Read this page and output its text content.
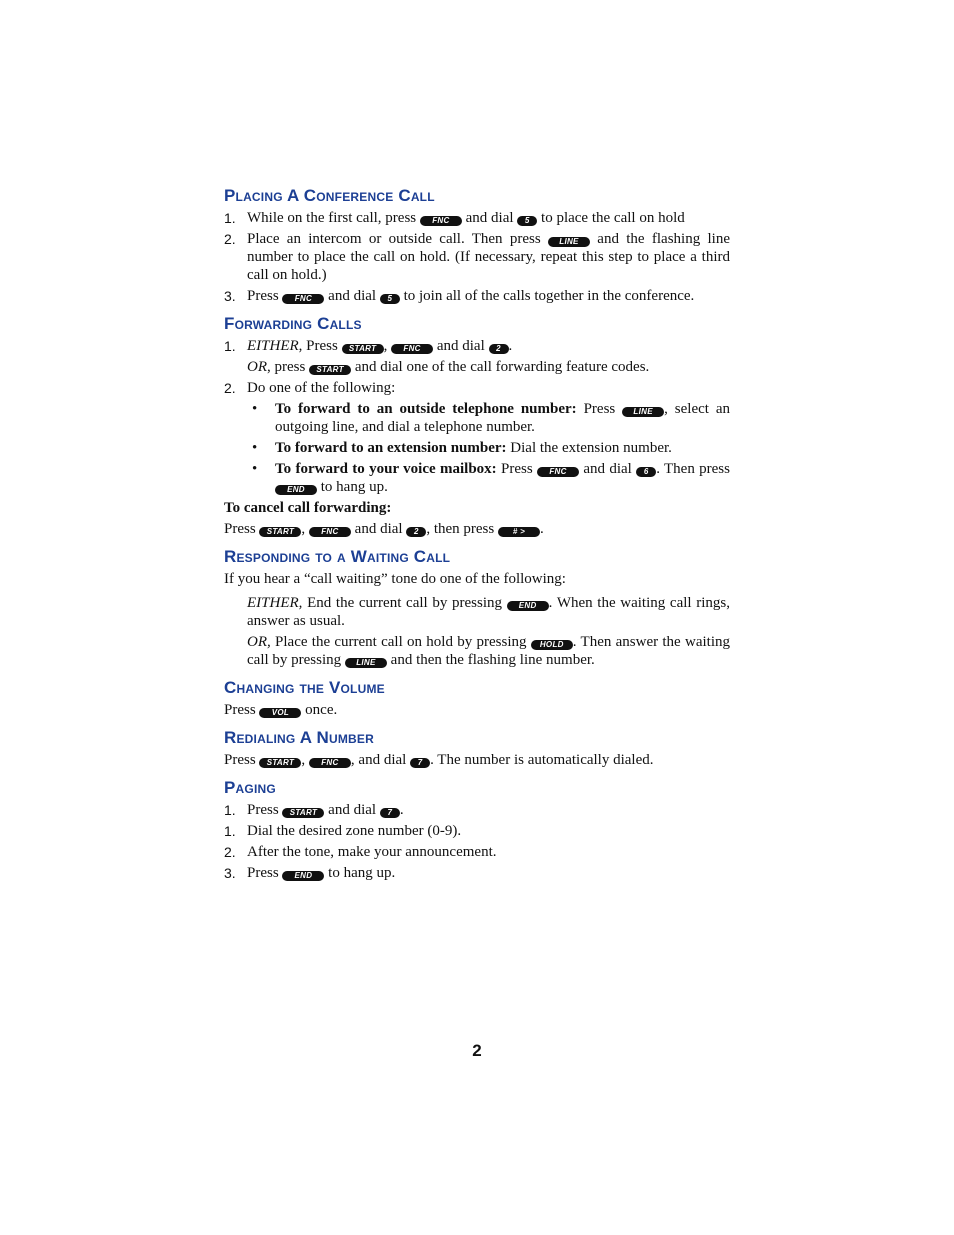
Placing A Conference Call
1. While on the first call, press FNC and dial 5 to place the call on hold
2. Place an intercom or outside call. Then press LINE and the flashing line number to place the call on hold. (If necessary, repeat this step to place a third call on hold.)
3. Press FNC and dial 5 to join all of the calls together in the conference.
Forwarding Calls
1. EITHER, Press START , FNC and dial 2 .
OR, press START and dial one of the call forwarding feature codes.
2. Do one of the following:
• To forward to an outside telephone number: Press LINE , select an outgoing line, and dial a telephone number.
• To forward to an extension number: Dial the extension number.
• To forward to your voice mailbox: Press FNC and dial 6 . Then press END to hang up.
To cancel call forwarding:
Press START , FNC and dial 2 , then press # > .
Responding to a Waiting Call
If you hear a “call waiting” tone do one of the following:
EITHER, End the current call by pressing END . When the waiting call rings, answer as usual.
OR, Place the current call on hold by pressing HOLD . Then answer the waiting call by pressing LINE and then the flashing line number.
Changing the Volume
Press VOL once.
Redialing A Number
Press START , FNC , and dial 7 . The number is automatically dialed.
Paging
1. Press START and dial 7 .
1. Dial the desired zone number (0-9).
2. After the tone, make your announcement.
3. Press END to hang up.
2
